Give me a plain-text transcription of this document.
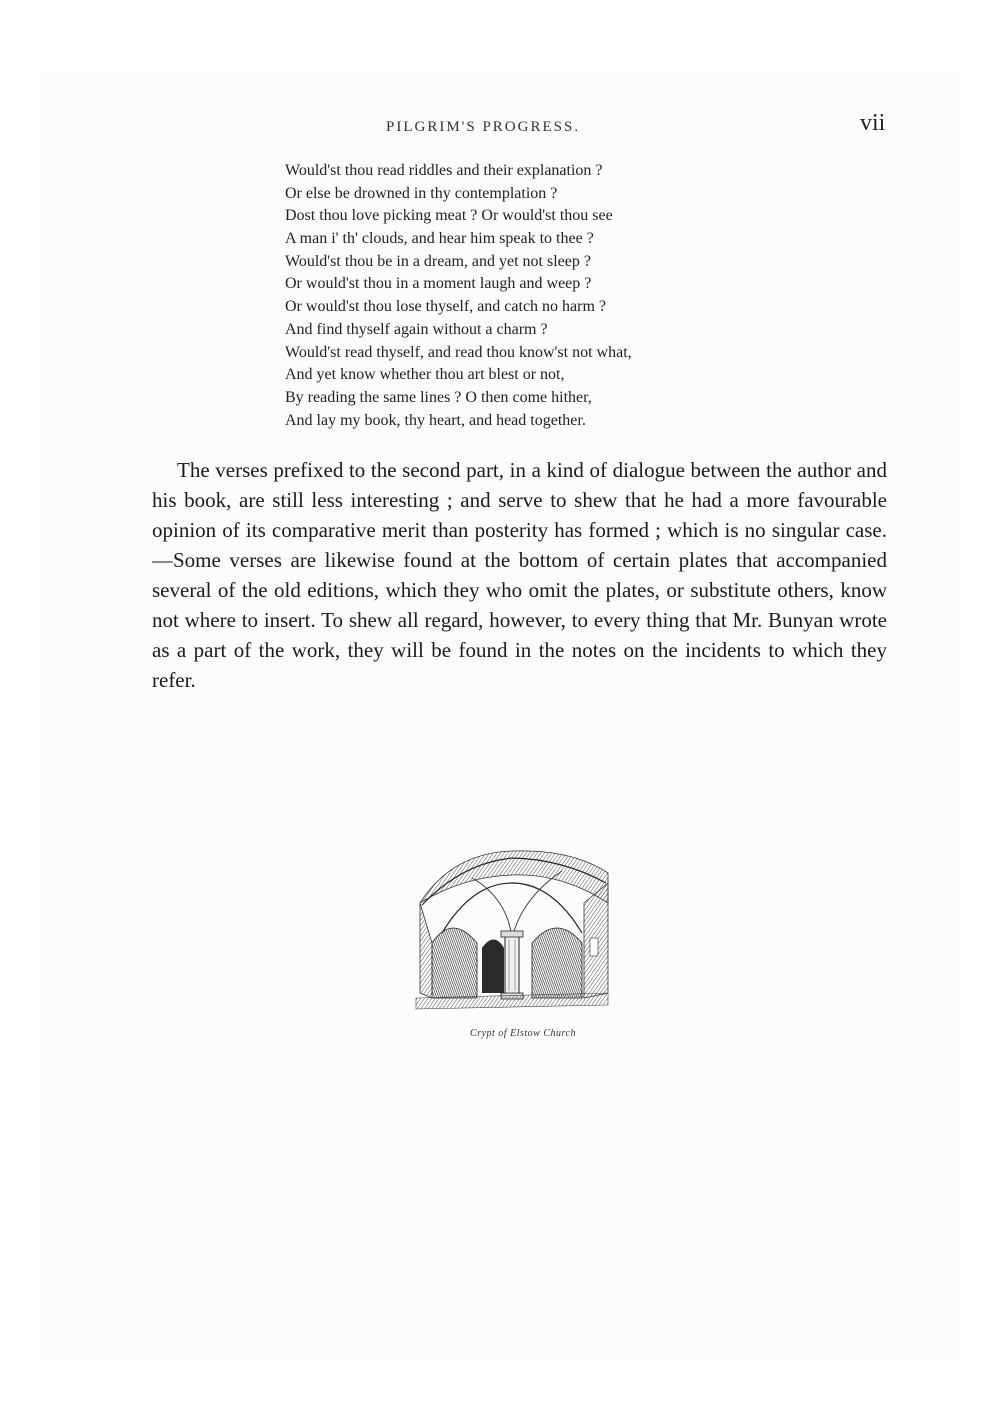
PILGRIM'S PROGRESS.	vii
Would'st thou read riddles and their explanation ?
Or else be drowned in thy contemplation ?
Dost thou love picking meat ? Or would'st thou see
A man i' th' clouds, and hear him speak to thee ?
Would'st thou be in a dream, and yet not sleep ?
Or would'st thou in a moment laugh and weep ?
Or would'st thou lose thyself, and catch no harm ?
And find thyself again without a charm ?
Would'st read thyself, and read thou know'st not what,
And yet know whether thou art blest or not,
By reading the same lines ? O then come hither,
And lay my book, thy heart, and head together.

The verses prefixed to the second part, in a kind of dialogue between the author and his book, are still less interesting ; and serve to shew that he had a more favourable opinion of its comparative merit than posterity has formed ; which is no singular case.—Some verses are likewise found at the bottom of certain plates that accompanied several of the old editions, which they who omit the plates, or substitute others, know not where to insert. To shew all regard, however, to every thing that Mr. Bunyan wrote as a part of the work, they will be found in the notes on the incidents to which they refer.

Crypt of Elstow Church
